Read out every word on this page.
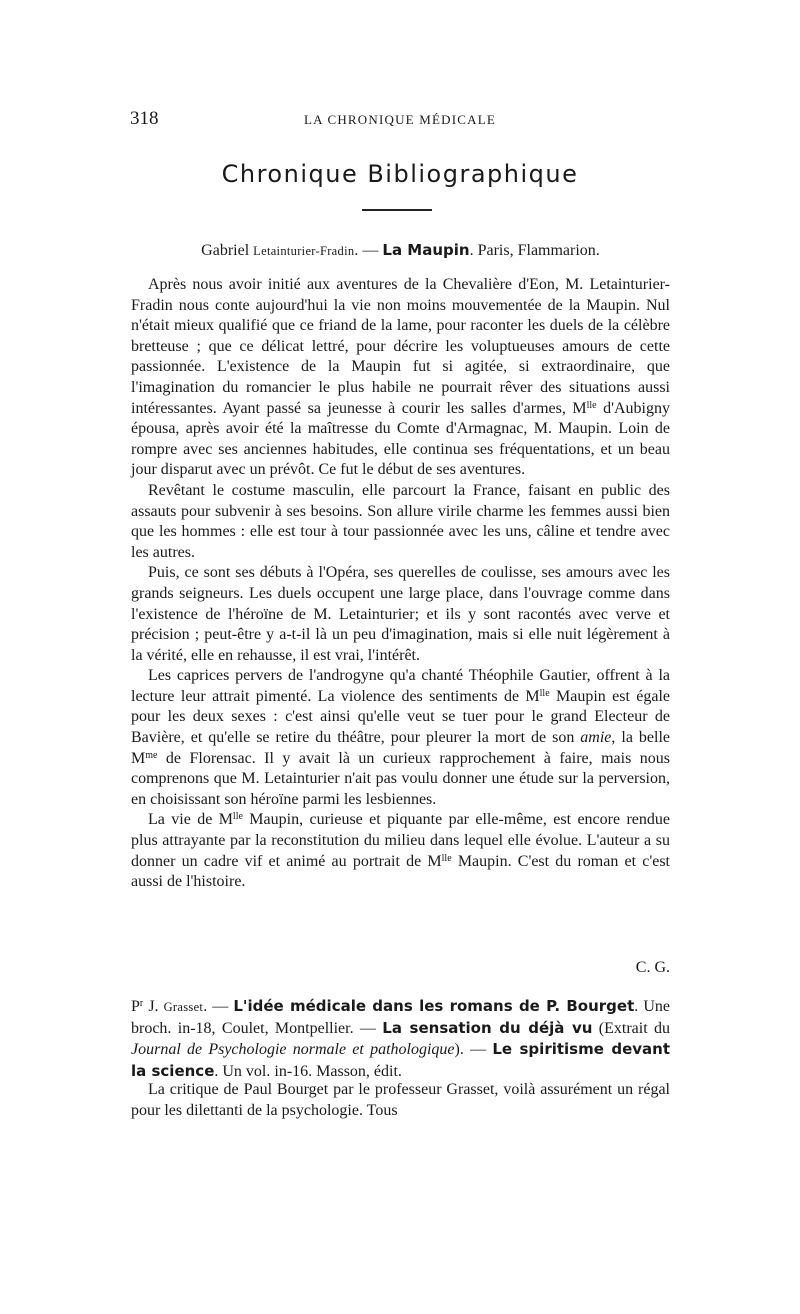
318	LA CHRONIQUE MÉDICALE
Chronique Bibliographique
Gabriel Letainturier-Fradin. — La Maupin. Paris, Flammarion.

Après nous avoir initié aux aventures de la Chevalière d'Eon, M. Letainturier-Fradin nous conte aujourd'hui la vie non moins mouvementée de la Maupin. Nul n'était mieux qualifié que ce friand de la lame, pour raconter les duels de la célèbre bretteuse ; que ce délicat lettré, pour décrire les voluptueuses amours de cette passionnée. L'existence de la Maupin fut si agitée, si extraordinaire, que l'imagination du romancier le plus habile ne pourrait rêver des situations aussi intéressantes. Ayant passé sa jeunesse à courir les salles d'armes, $M^{lle}$ d'Aubigny épousa, après avoir été la maîtresse du Comte d'Armagnac, M. Maupin. Loin de rompre avec ses anciennes habitudes, elle continua ses fréquentations, et un beau jour disparut avec un prévôt. Ce fut le début de ses aventures.

Revêtant le costume masculin, elle parcourt la France, faisant en public des assauts pour subvenir à ses besoins. Son allure virile charme les femmes aussi bien que les hommes : elle est tour à tour passionnée avec les uns, câline et tendre avec les autres.

Puis, ce sont ses débuts à l'Opéra, ses querelles de coulisse, ses amours avec les grands seigneurs. Les duels occupent une large place, dans l'ouvrage comme dans l'existence de l'héroïne de M. Letainturier; et ils y sont racontés avec verve et précision ; peut-être y a-t-il là un peu d'imagination, mais si elle nuit légèrement à la vérité, elle en rehausse, il est vrai, l'intérêt.

Les caprices pervers de l'androgyne qu'a chanté Théophile Gautier, offrent à la lecture leur attrait pimenté. La violence des sentiments de $M^{lle}$ Maupin est égale pour les deux sexes : c'est ainsi qu'elle veut se tuer pour le grand Electeur de Bavière, et qu'elle se retire du théâtre, pour pleurer la mort de son amie, la belle $M^{me}$ de Florensac. Il y avait là un curieux rapprochement à faire, mais nous comprenons que M. Letainturier n'ait pas voulu donner une étude sur la perversion, en choisissant son héroïne parmi les lesbiennes.

La vie de $M^{lle}$ Maupin, curieuse et piquante par elle-même, est encore rendue plus attrayante par la reconstitution du milieu dans lequel elle évolue. L'auteur a su donner un cadre vif et animé au portrait de $M^{lle}$ Maupin. C'est du roman et c'est aussi de l'histoire.

C. G.

$P^r$ J. Grasset. — L'idée médicale dans les romans de P. Bourget. Une broch. in-18, Coulet, Montpellier. — La sensation du déjà vu (Extrait du Journal de Psychologie normale et pathologique). — Le spiritisme devant la science. Un vol. in-16. Masson, édit.

La critique de Paul Bourget par le professeur Grasset, voilà assurément un régal pour les dilettanti de la psychologie. Tous
